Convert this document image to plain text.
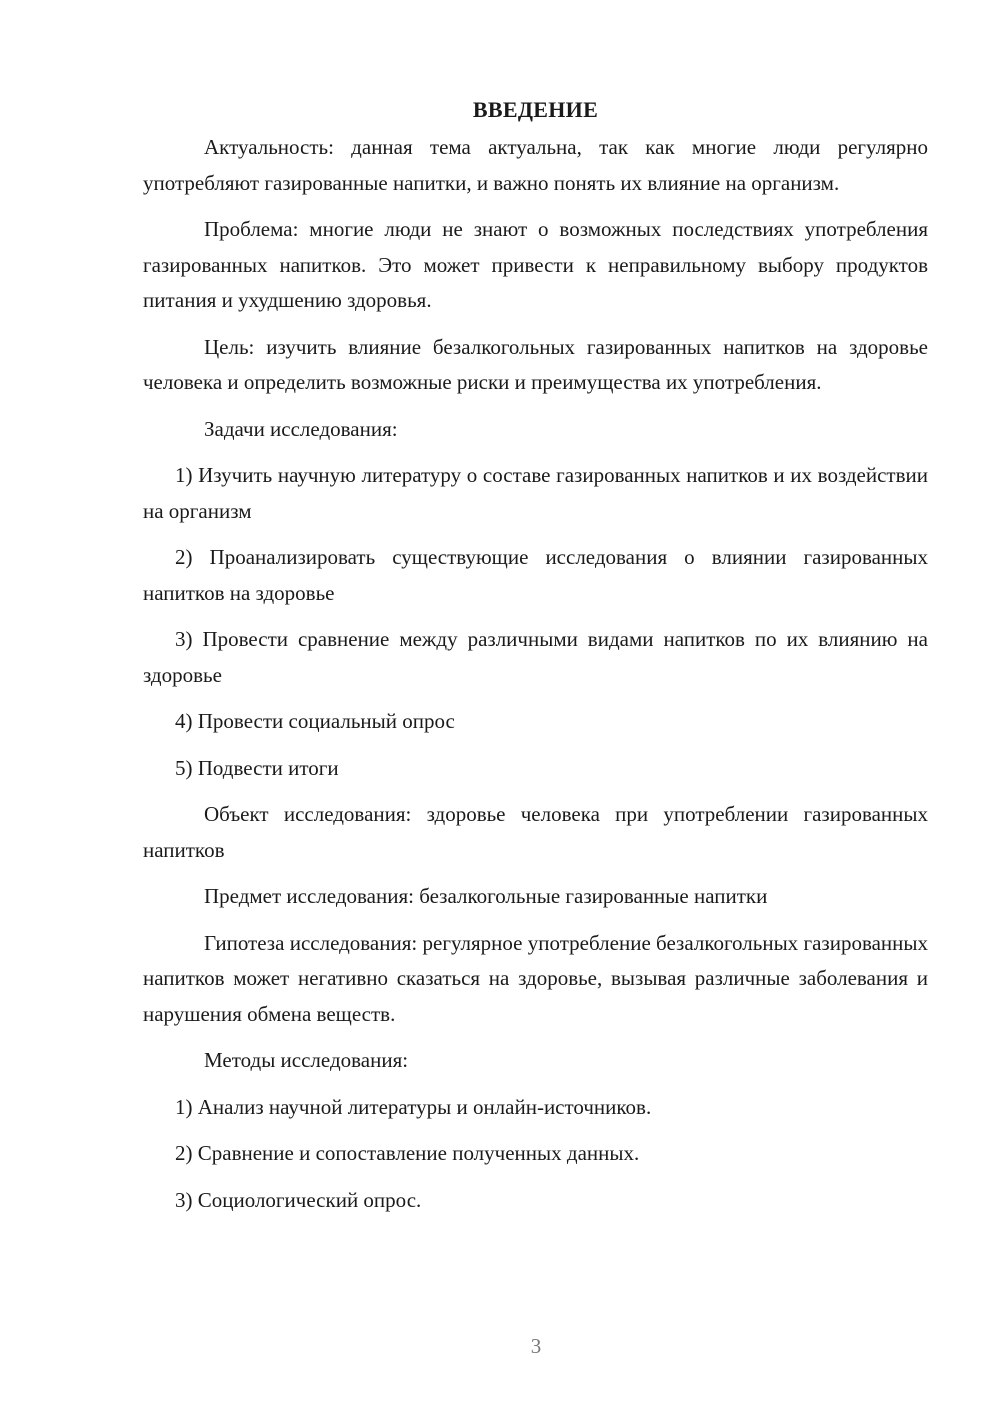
ВВЕДЕНИЕ

Актуальность: данная тема актуальна, так как многие люди регулярно употребляют газированные напитки, и важно понять их влияние на организм.

Проблема: многие люди не знают о возможных последствиях употребления газированных напитков. Это может привести к неправильному выбору продуктов питания и ухудшению здоровья.

Цель: изучить влияние безалкогольных газированных напитков на здоровье человека и определить возможные риски и преимущества их употребления.

Задачи исследования:

1) Изучить научную литературу о составе газированных напитков и их воздействии на организм

2) Проанализировать существующие исследования о влиянии газированных напитков на здоровье

3) Провести сравнение между различными видами напитков по их влиянию на здоровье

4) Провести социальный опрос

5) Подвести итоги

Объект исследования: здоровье человека при употреблении газированных напитков

Предмет исследования: безалкогольные газированные напитки

Гипотеза исследования: регулярное употребление безалкогольных газированных напитков может негативно сказаться на здоровье, вызывая различные заболевания и нарушения обмена веществ.

Методы исследования:

1) Анализ научной литературы и онлайн-источников.

2) Сравнение и сопоставление полученных данных.

3) Социологический опрос.

3
